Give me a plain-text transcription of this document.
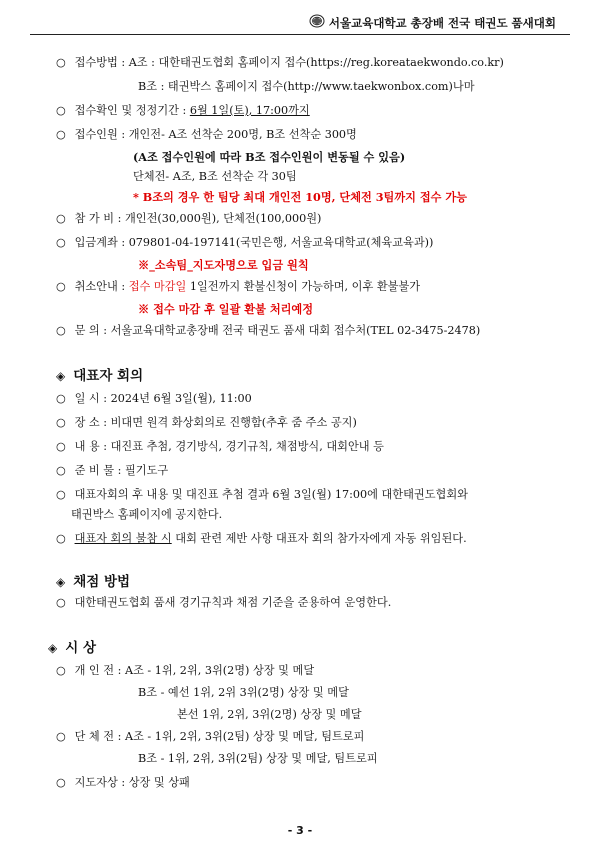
서울교육대학교 총장배 전국 태권도 품새대회
○ 접수방법 : A조 : 대한태권도협회 홈페이지 접수(https://reg.koreataekwondo.co.kr)
B조 : 태권박스 홈페이지 접수(http://www.taekwonbox.com)나마
○ 접수확인 및 정정기간 : 6월 1일(토), 17:00까지
○ 접수인원 : 개인전- A조 선착순 200명, B조 선착순 300명
(A조 접수인원에 따라 B조 접수인원이 변동될 수 있음)
단체전- A조, B조 선착순 각 30팀
* B조의 경우 한 팀당 최대 개인전 10명, 단체전 3팀까지 접수 가능
○ 참 가 비 : 개인전(30,000원), 단체전(100,000원)
○ 입금계좌 : 079801-04-197141(국민은행, 서울교육대학교(체육교육과))
※_소속팀_지도자명으로 입금 원칙
○ 취소안내 : 접수 마감일 1일전까지 환불신청이 가능하며, 이후 환불불가
※ 접수 마감 후 일괄 환불 처리예정
○ 문 의 : 서울교육대학교총장배 전국 태권도 품새 대회 접수처(TEL 02-3475-2478)
◈ 대표자 회의
○ 일 시 : 2024년 6월 3일(월), 11:00
○ 장 소 : 비대면 원격 화상회의로 진행함(추후 줌 주소 공지)
○ 내 용 : 대진표 추첨, 경기방식, 경기규칙, 채점방식, 대회안내 등
○ 준 비 물 : 필기도구
○ 대표자회의 후 내용 및 대진표 추첨 결과 6월 3일(월) 17:00에 대한태권도협회와
태권박스 홈페이지에 공지한다.
○ 대표자 회의 불참 시 대회 관련 제반 사항 대표자 회의 참가자에게 자동 위임된다.
◈ 채점 방법
○ 대한태권도협회 품새 경기규칙과 채점 기준을 준용하여 운영한다.
◈ 시 상
○ 개 인 전 : A조 - 1위, 2위, 3위(2명) 상장 및 메달
B조 - 예선 1위, 2위 3위(2명) 상장 및 메달
본선 1위, 2위, 3위(2명) 상장 및 메달
○ 단 체 전 : A조 - 1위, 2위, 3위(2팀) 상장 및 메달, 팀트로피
B조 - 1위, 2위, 3위(2팀) 상장 및 메달, 팀트로피
○ 지도자상 : 상장 및 상패
- 3 -
